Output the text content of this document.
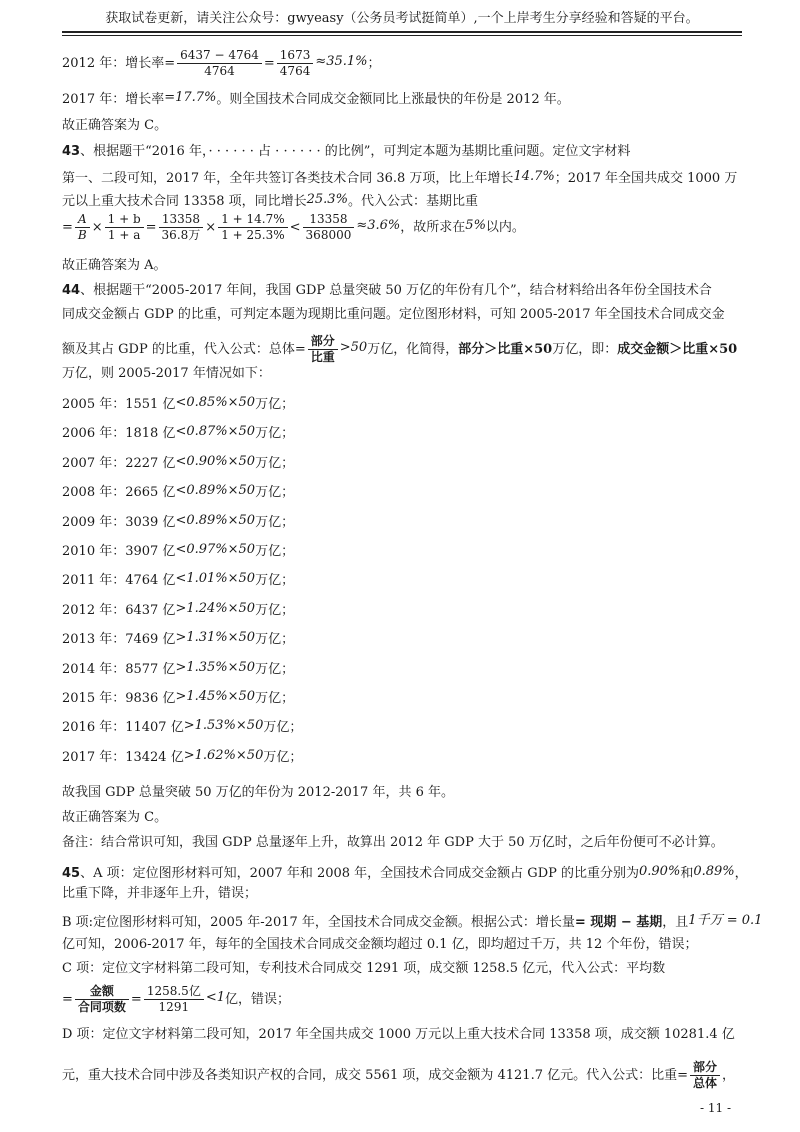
获取试卷更新，请关注公众号：gwyeasy（公务员考试挺简单）,一个上岸考生分享经验和答疑的平台。
2012 年：增长率= $\frac{6437 - 4764}{4764} = \frac{1673}{4764} \approx 35.1\%$；
2017 年：增长率=17.7%。则全国技术合同成交金额同比上涨最快的年份是 2012 年。
故正确答案为 C。
43、根据题干“2016 年，· · · · · · 占 · · · · · · 的比例”，可判定本题为基期比重问题。定位文字材料
第一、二段可知，2017 年，全年共签订各类技术合同 36.8 万项，比上年增长14.7%；2017 年全国共成交 1000 万
元以上重大技术合同 13358 项，同比增长25.3%。代入公式：基期比重
= $\frac{A}{B} \times \frac{1 + b}{1 + a} = \frac{13358}{\text{36.8万}} \times \frac{1 + 14.7\%}{1 + 25.3\%} < \frac{13358}{368000} \approx 3.6\%$，故所求在5%以内。
故正确答案为 A。
44、根据题干“2005-2017 年间，我国 GDP 总量突破 50 万亿的年份有几个”，结合材料给出各年份全国技术合
同成交金额占 GDP 的比重，可判定本题为现期比重问题。定位图形材料，可知 2005-2017 年全国技术合同成交金
额及其占 GDP 的比重，代入公式：总体= $\frac{\text{部分}}{\text{比重}} >50$万亿，化简得，部分＞比重×50万亿，即：成交金额＞比重×50
万亿，则 2005-2017 年情况如下：
2005 年：1551 亿<0.85%×50万亿；
2006 年：1818 亿<0.87%×50万亿；
2007 年：2227 亿<0.90%×50万亿；
2008 年：2665 亿<0.89%×50万亿；
2009 年：3039 亿<0.89%×50万亿；
2010 年：3907 亿<0.97%×50万亿；
2011 年：4764 亿<1.01%×50万亿；
2012 年：6437 亿>1.24%×50万亿；
2013 年：7469 亿>1.31%×50万亿；
2014 年：8577 亿>1.35%×50万亿；
2015 年：9836 亿>1.45%×50万亿；
2016 年：11407 亿>1.53%×50万亿；
2017 年：13424 亿>1.62%×50万亿；
故我国 GDP 总量突破 50 万亿的年份为 2012-2017 年，共 6 年。
故正确答案为 C。
备注：结合常识可知，我国 GDP 总量逐年上升，故算出 2012 年 GDP 大于 50 万亿时，之后年份便可不必计算。
45、A 项：定位图形材料可知，2007 年和 2008 年，全国技术合同成交金额占 GDP 的比重分别为0.90%和0.89%，
比重下降，并非逐年上升，错误；
B 项:定位图形材料可知，2005 年-2017 年，全国技术合同成交金额。根据公式：增长量= 现期 − 基期，且1千万 = 0.1
亿可知，2006-2017 年，每年的全国技术合同成交金额均超过 0.1 亿，即均超过千万，共 12 个年份，错误；
C 项：定位文字材料第二段可知，专利技术合同成交 1291 项，成交额 1258.5 亿元，代入公式：平均数
= $\frac{\text{金额}}{\text{合同项数}} = \frac{\text{1258.5亿}}{1291} <1$亿，错误；
D 项：定位文字材料第二段可知，2017 年全国共成交 1000 万元以上重大技术合同 13358 项，成交额 10281.4 亿
元，重大技术合同中涉及各类知识产权的合同，成交 5561 项，成交金额为 4121.7 亿元。代入公式：比重= $\frac{\text{部分}}{\text{总体}}$ ，
- 11 -
